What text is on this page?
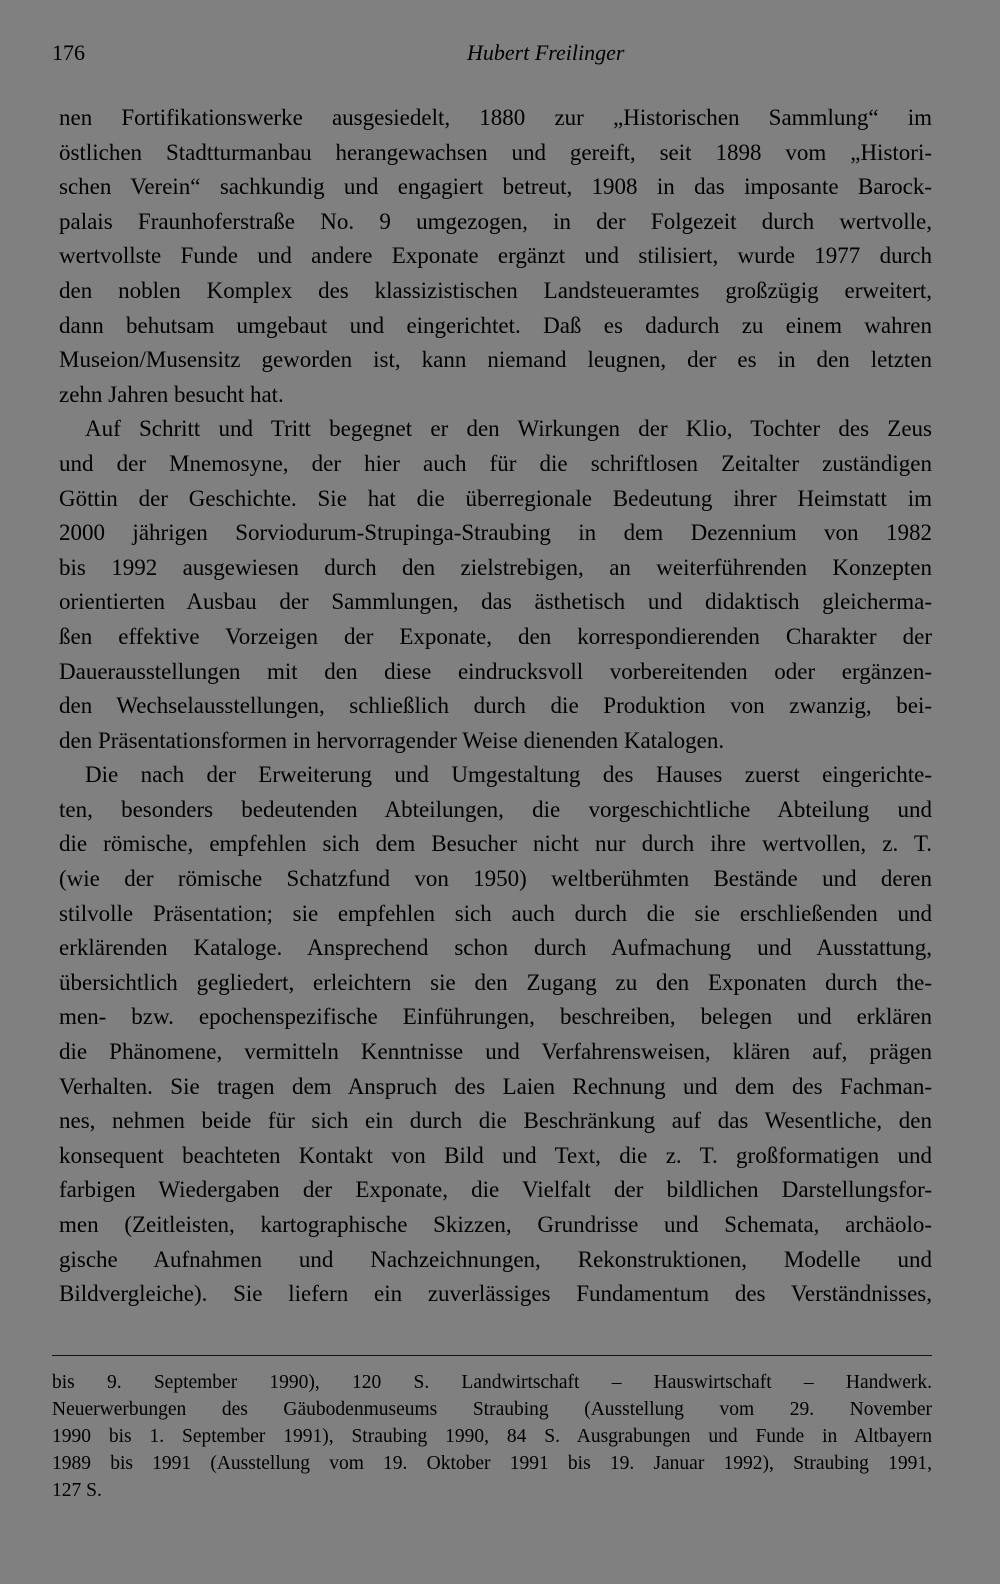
176	Hubert Freilinger

nen Fortifikationswerke ausgesiedelt, 1880 zur „Historischen Sammlung“ im
östlichen Stadtturmanbau herangewachsen und gereift, seit 1898 vom „Histori-
schen Verein“ sachkundig und engagiert betreut, 1908 in das imposante Barock-
palais Fraunhoferstraße No. 9 umgezogen, in der Folgezeit durch wertvolle,
wertvollste Funde und andere Exponate ergänzt und stilisiert, wurde 1977 durch
den noblen Komplex des klassizistischen Landsteueramtes großzügig erweitert,
dann behutsam umgebaut und eingerichtet. Daß es dadurch zu einem wahren
Museion/Musensitz geworden ist, kann niemand leugnen, der es in den letzten
zehn Jahren besucht hat.

Auf Schritt und Tritt begegnet er den Wirkungen der Klio, Tochter des Zeus
und der Mnemosyne, der hier auch für die schriftlosen Zeitalter zuständigen
Göttin der Geschichte. Sie hat die überregionale Bedeutung ihrer Heimstatt im
2000 jährigen Sorviodurum-Strupinga-Straubing in dem Dezennium von 1982
bis 1992 ausgewiesen durch den zielstrebigen, an weiterführenden Konzepten
orientierten Ausbau der Sammlungen, das ästhetisch und didaktisch gleicherma-
ßen effektive Vorzeigen der Exponate, den korrespondierenden Charakter der
Dauerausstellungen mit den diese eindrucksvoll vorbereitenden oder ergänzen-
den Wechselausstellungen, schließlich durch die Produktion von zwanzig, bei-
den Präsentationsformen in hervorragender Weise dienenden Katalogen.

Die nach der Erweiterung und Umgestaltung des Hauses zuerst eingerichte-
ten, besonders bedeutenden Abteilungen, die vorgeschichtliche Abteilung und
die römische, empfehlen sich dem Besucher nicht nur durch ihre wertvollen, z. T.
(wie der römische Schatzfund von 1950) weltberühmten Bestände und deren
stilvolle Präsentation; sie empfehlen sich auch durch die sie erschließenden und
erklärenden Kataloge. Ansprechend schon durch Aufmachung und Ausstattung,
übersichtlich gegliedert, erleichtern sie den Zugang zu den Exponaten durch the-
men- bzw. epochenspezifische Einführungen, beschreiben, belegen und erklären
die Phänomene, vermitteln Kenntnisse und Verfahrensweisen, klären auf, prägen
Verhalten. Sie tragen dem Anspruch des Laien Rechnung und dem des Fachman-
nes, nehmen beide für sich ein durch die Beschränkung auf das Wesentliche, den
konsequent beachteten Kontakt von Bild und Text, die z. T. großformatigen und
farbigen Wiedergaben der Exponate, die Vielfalt der bildlichen Darstellungsfor-
men (Zeitleisten, kartographische Skizzen, Grundrisse und Schemata, archäolo-
gische Aufnahmen und Nachzeichnungen, Rekonstruktionen, Modelle und
Bildvergleiche). Sie liefern ein zuverlässiges Fundamentum des Verständnisses,

bis 9. September 1990), 120 S. Landwirtschaft – Hauswirtschaft – Handwerk.
Neuerwerbungen des Gäubodenmuseums Straubing (Ausstellung vom 29. November
1990 bis 1. September 1991), Straubing 1990, 84 S. Ausgrabungen und Funde in Altbayern
1989 bis 1991 (Ausstellung vom 19. Oktober 1991 bis 19. Januar 1992), Straubing 1991,
127 S.
